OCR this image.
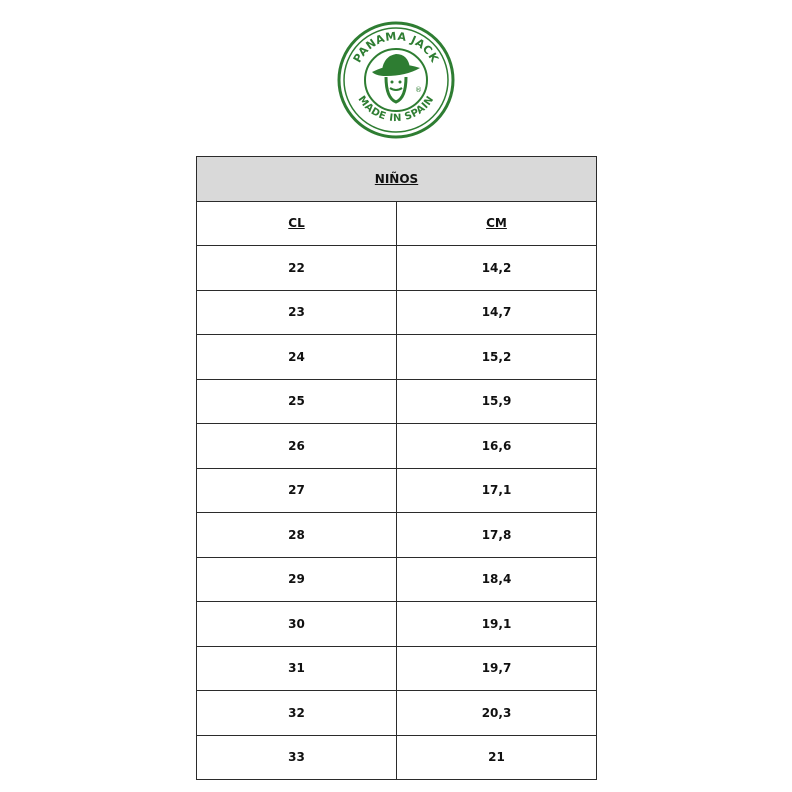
PANAMA JACK
MADE IN SPAIN
®
NIÑOS	
CL	CM
22	14,2
23	14,7
24	15,2
25	15,9
26	16,6
27	17,1
28	17,8
29	18,4
30	19,1
31	19,7
32	20,3
33	21
